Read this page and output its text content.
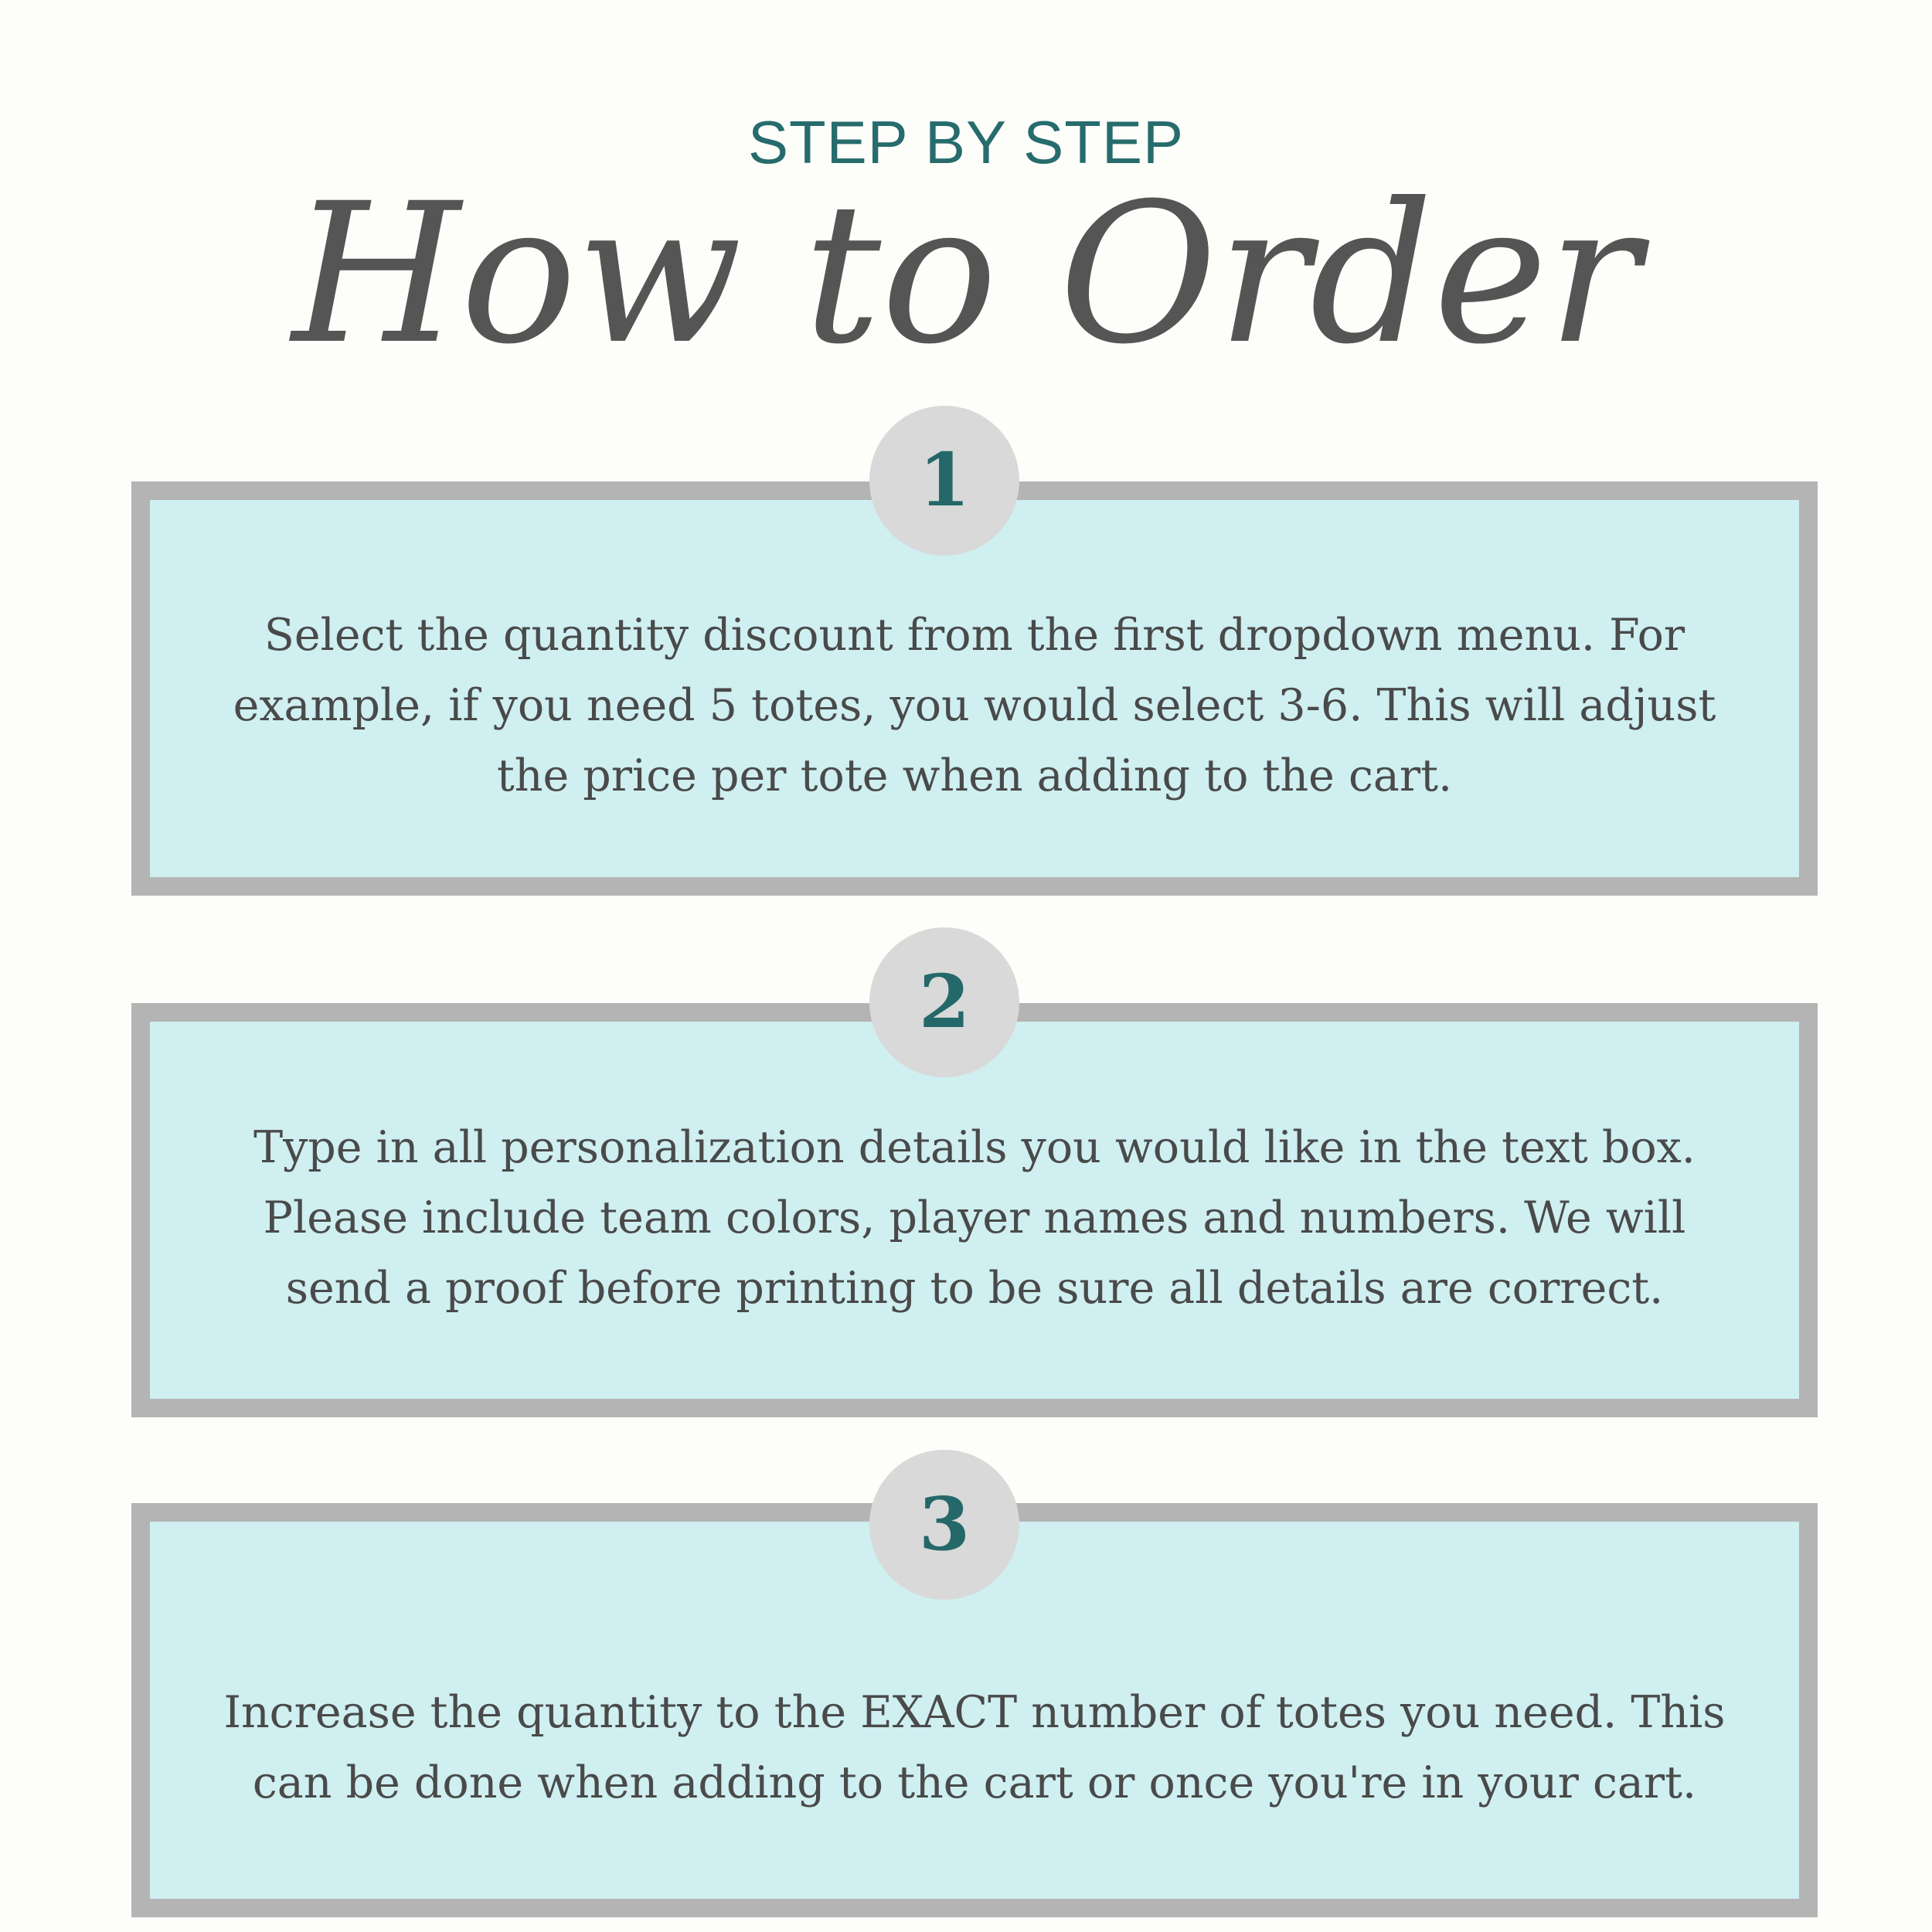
STEP BY STEP
How to Order
1
Select the quantity discount from the first dropdown menu. For example, if you need 5 totes, you would select 3-6. This will adjust the price per tote when adding to the cart.
2
Type in all personalization details you would like in the text box. Please include team colors, player names and numbers. We will send a proof before printing to be sure all details are correct.
3
Increase the quantity to the EXACT number of totes you need. This can be done when adding to the cart or once you're in your cart.
